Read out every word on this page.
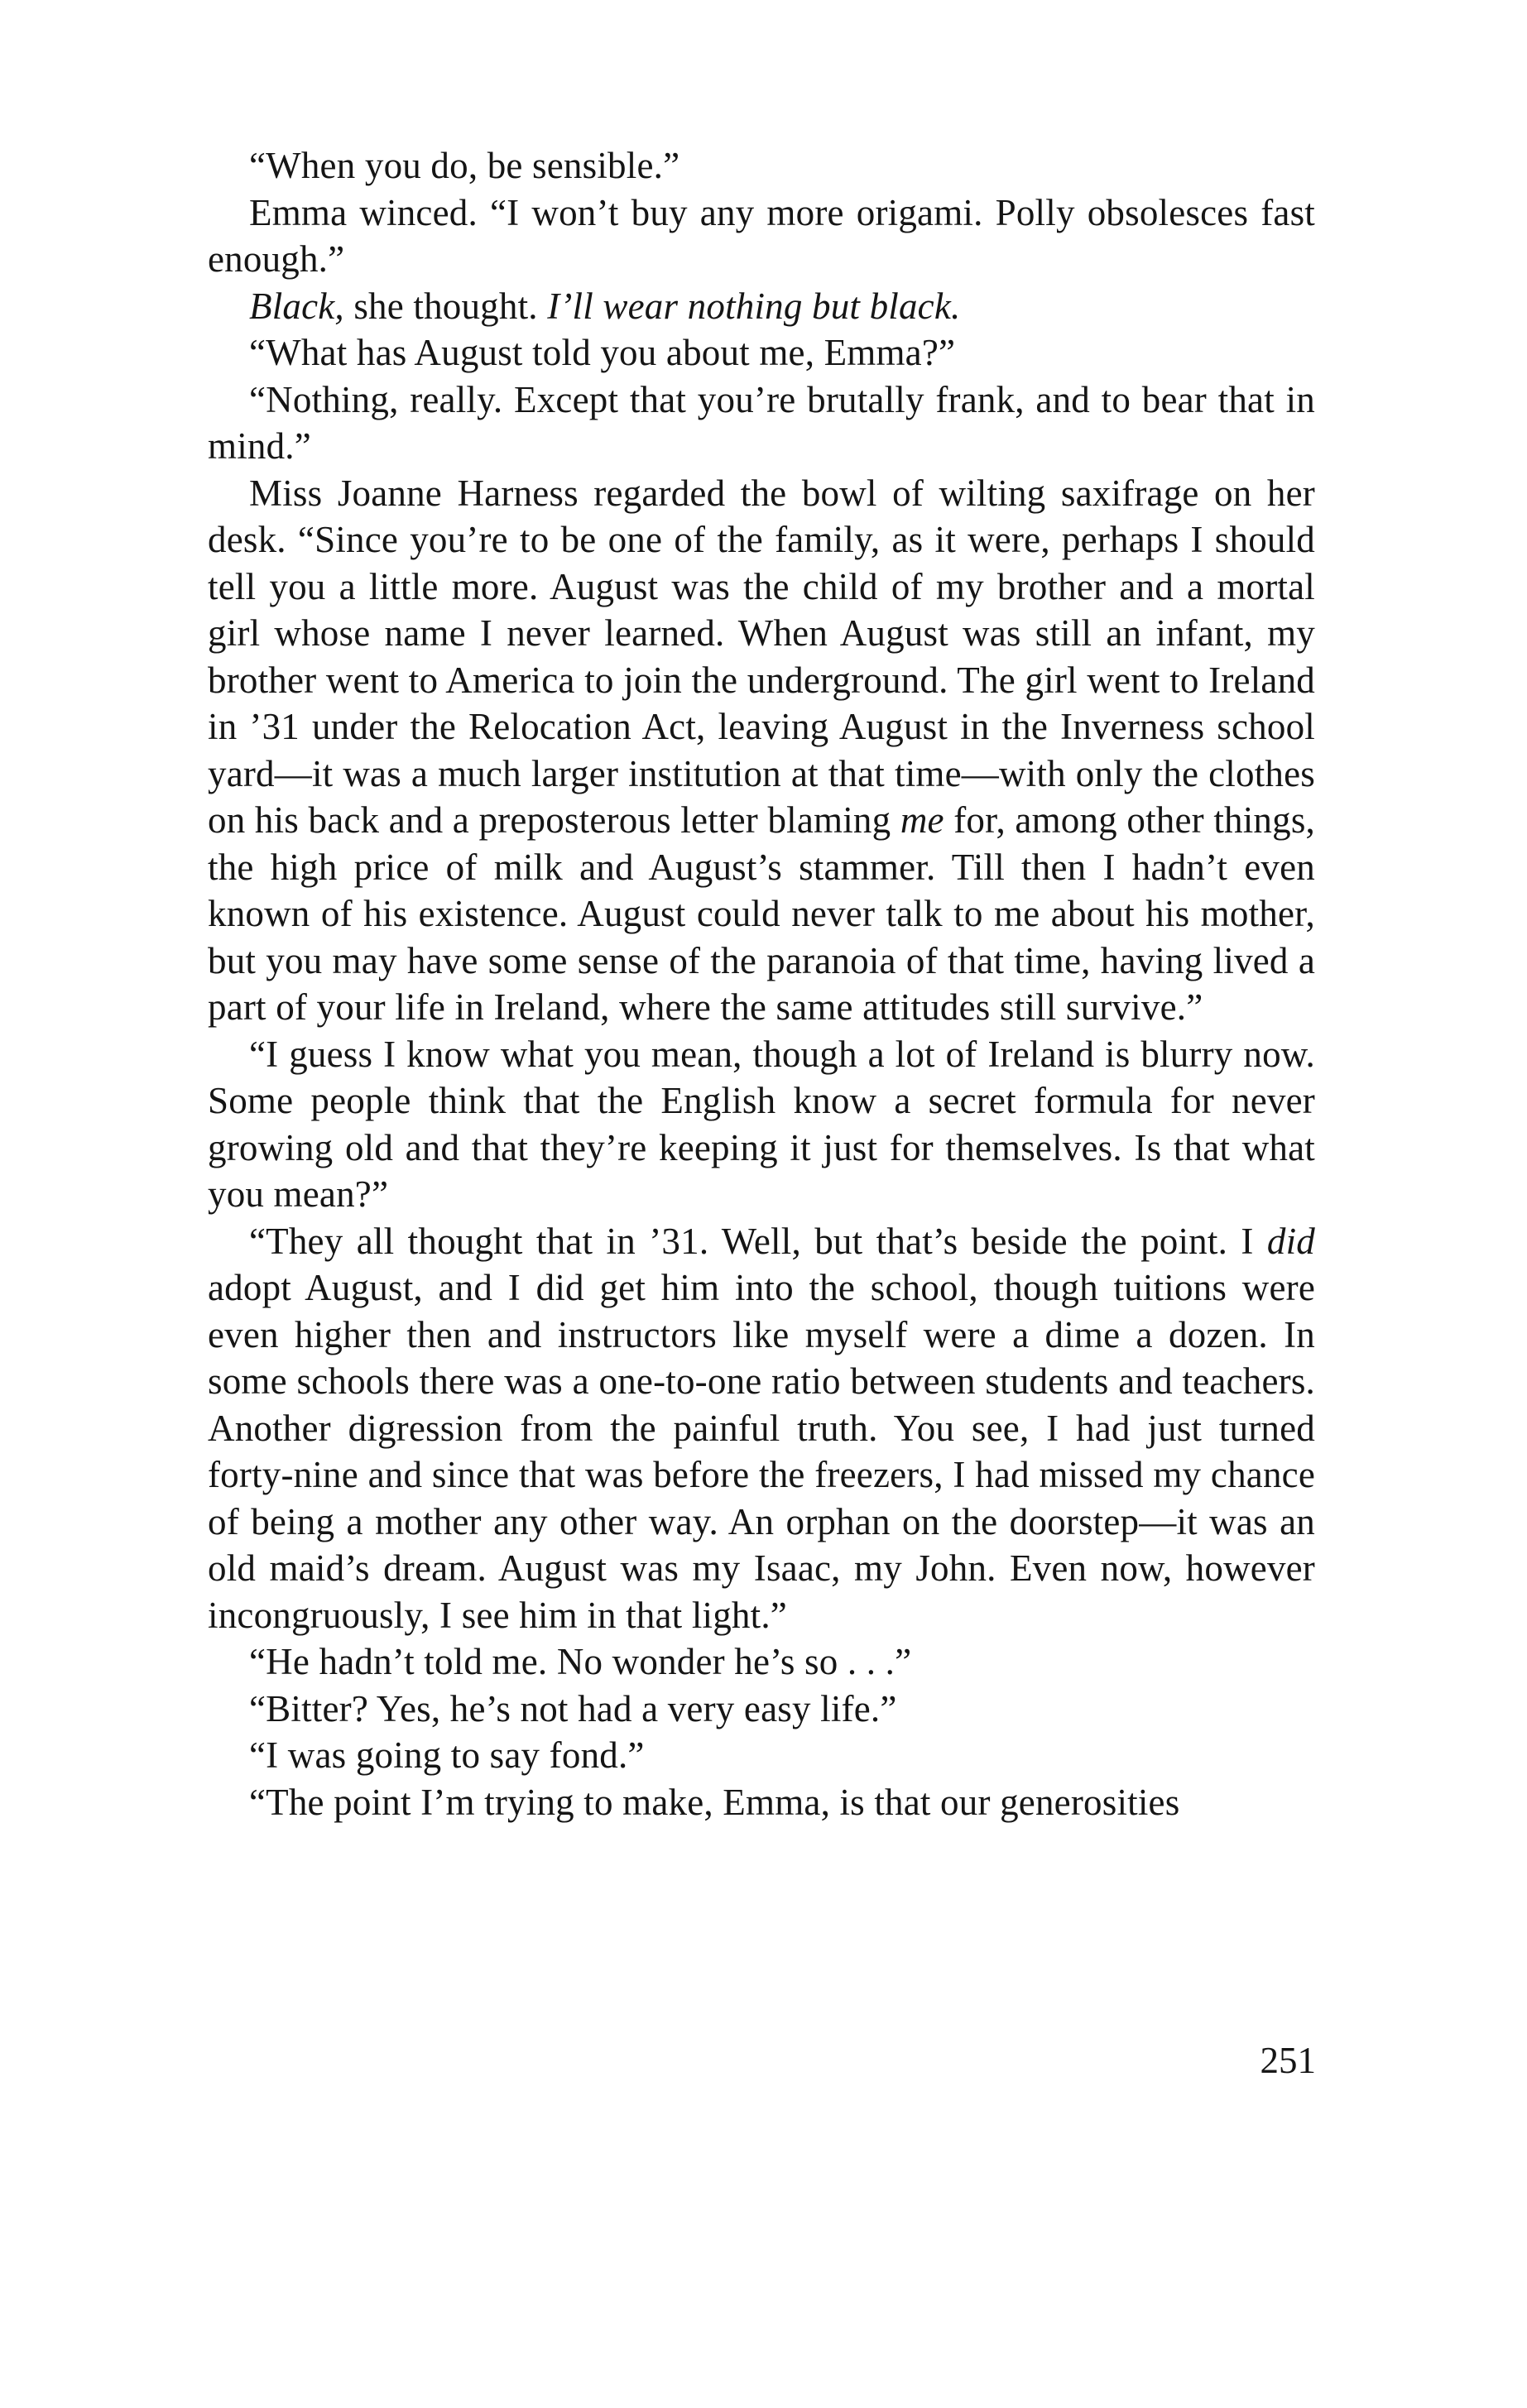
“When you do, be sensible.”

Emma winced. “I won’t buy any more origami. Polly obsolesces fast enough.”

Black, she thought. I’ll wear nothing but black.

“What has August told you about me, Emma?”

“Nothing, really. Except that you’re brutally frank, and to bear that in mind.”

Miss Joanne Harness regarded the bowl of wilting saxifrage on her desk. “Since you’re to be one of the family, as it were, perhaps I should tell you a little more. August was the child of my brother and a mortal girl whose name I never learned. When August was still an infant, my brother went to America to join the underground. The girl went to Ireland in ’31 under the Relocation Act, leaving August in the Inverness school yard—it was a much larger institution at that time—with only the clothes on his back and a preposterous letter blaming me for, among other things, the high price of milk and August’s stammer. Till then I hadn’t even known of his existence. August could never talk to me about his mother, but you may have some sense of the paranoia of that time, having lived a part of your life in Ireland, where the same attitudes still survive.”

“I guess I know what you mean, though a lot of Ireland is blurry now. Some people think that the English know a secret formula for never growing old and that they’re keeping it just for themselves. Is that what you mean?”

“They all thought that in ’31. Well, but that’s beside the point. I did adopt August, and I did get him into the school, though tuitions were even higher then and instructors like myself were a dime a dozen. In some schools there was a one-to-one ratio between students and teachers. Another digression from the painful truth. You see, I had just turned forty-nine and since that was before the freezers, I had missed my chance of being a mother any other way. An orphan on the doorstep—it was an old maid’s dream. August was my Isaac, my John. Even now, however incongruously, I see him in that light.”

“He hadn’t told me. No wonder he’s so . . .”

“Bitter? Yes, he’s not had a very easy life.”

“I was going to say fond.”

“The point I’m trying to make, Emma, is that our generosities

251
